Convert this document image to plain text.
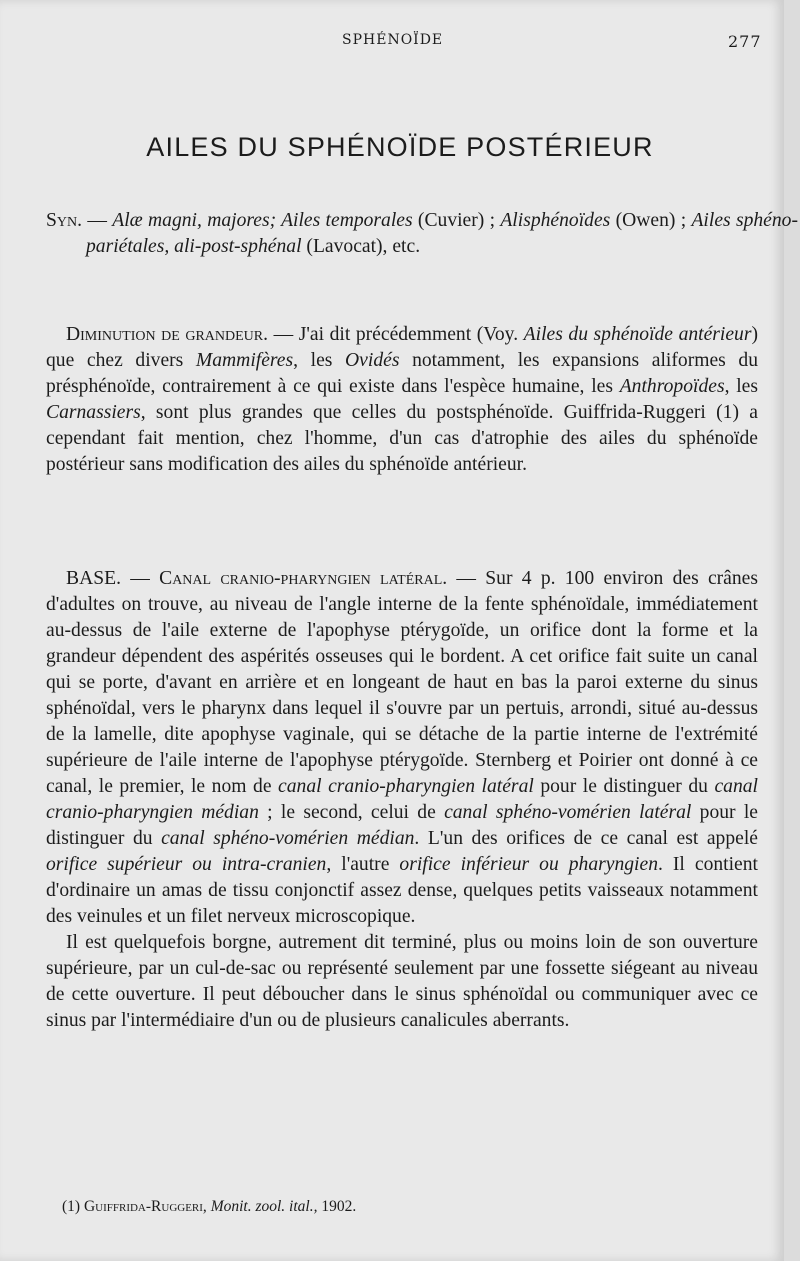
SPHÉNOÏDE	277
AILES DU SPHÉNOÏDE POSTÉRIEUR

Syn. — Alæ magni, majores; Ailes temporales (Cuvier) ; Alisphénoïdes (Owen) ; Ailes sphéno-pariétales, ali-post-sphénal (Lavocat), etc.

Diminution de grandeur. — J'ai dit précédemment (Voy. Ailes du sphénoïde antérieur) que chez divers Mammifères, les Ovidés notamment, les expansions aliformes du présphénoïde, contrairement à ce qui existe dans l'espèce humaine, les Anthropoïdes, les Carnassiers, sont plus grandes que celles du postsphénoïde. Guiffrida-Ruggeri (1) a cependant fait mention, chez l'homme, d'un cas d'atrophie des ailes du sphénoïde postérieur sans modification des ailes du sphénoïde antérieur.

BASE. — Canal cranio-pharyngien latéral. — Sur 4 p. 100 environ des crânes d'adultes on trouve, au niveau de l'angle interne de la fente sphénoïdale, immédiatement au-dessus de l'aile externe de l'apophyse ptérygoïde, un orifice dont la forme et la grandeur dépendent des aspérités osseuses qui le bordent. A cet orifice fait suite un canal qui se porte, d'avant en arrière et en longeant de haut en bas la paroi externe du sinus sphénoïdal, vers le pharynx dans lequel il s'ouvre par un pertuis, arrondi, situé au-dessus de la lamelle, dite apophyse vaginale, qui se détache de la partie interne de l'extrémité supérieure de l'aile interne de l'apophyse ptérygoïde. Sternberg et Poirier ont donné à ce canal, le premier, le nom de canal cranio-pharyngien latéral pour le distinguer du canal cranio-pharyngien médian ; le second, celui de canal sphéno-vomérien latéral pour le distinguer du canal sphéno-vomérien médian. L'un des orifices de ce canal est appelé orifice supérieur ou intra-cranien, l'autre orifice inférieur ou pharyngien. Il contient d'ordinaire un amas de tissu conjonctif assez dense, quelques petits vaisseaux notamment des veinules et un filet nerveux microscopique.

Il est quelquefois borgne, autrement dit terminé, plus ou moins loin de son ouverture supérieure, par un cul-de-sac ou représenté seulement par une fossette siégeant au niveau de cette ouverture. Il peut déboucher dans le sinus sphénoïdal ou communiquer avec ce sinus par l'intermédiaire d'un ou de plusieurs canalicules aberrants.

(1) Guiffrida-Ruggeri, Monit. zool. ital., 1902.
